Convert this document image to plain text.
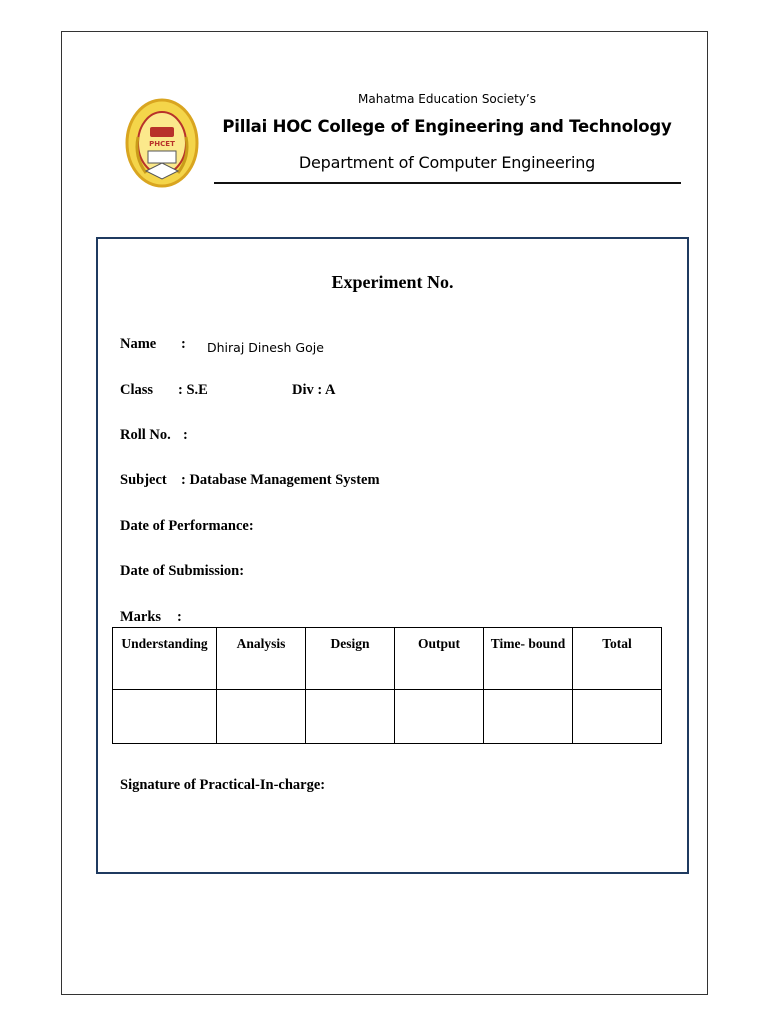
PHCET
Mahatma Education Society’s
Pillai HOC College of Engineering and Technology
Department of Computer Engineering
Experiment No.
Name : Dhiraj Dinesh Goje
Class : S.E	Div : A
Roll No. :
Subject : Database Management System
Date of Performance:
Date of Submission:
Marks :
Understanding	Analysis	Design	Output	Time- bound	Total

Signature of Practical-In-charge:
